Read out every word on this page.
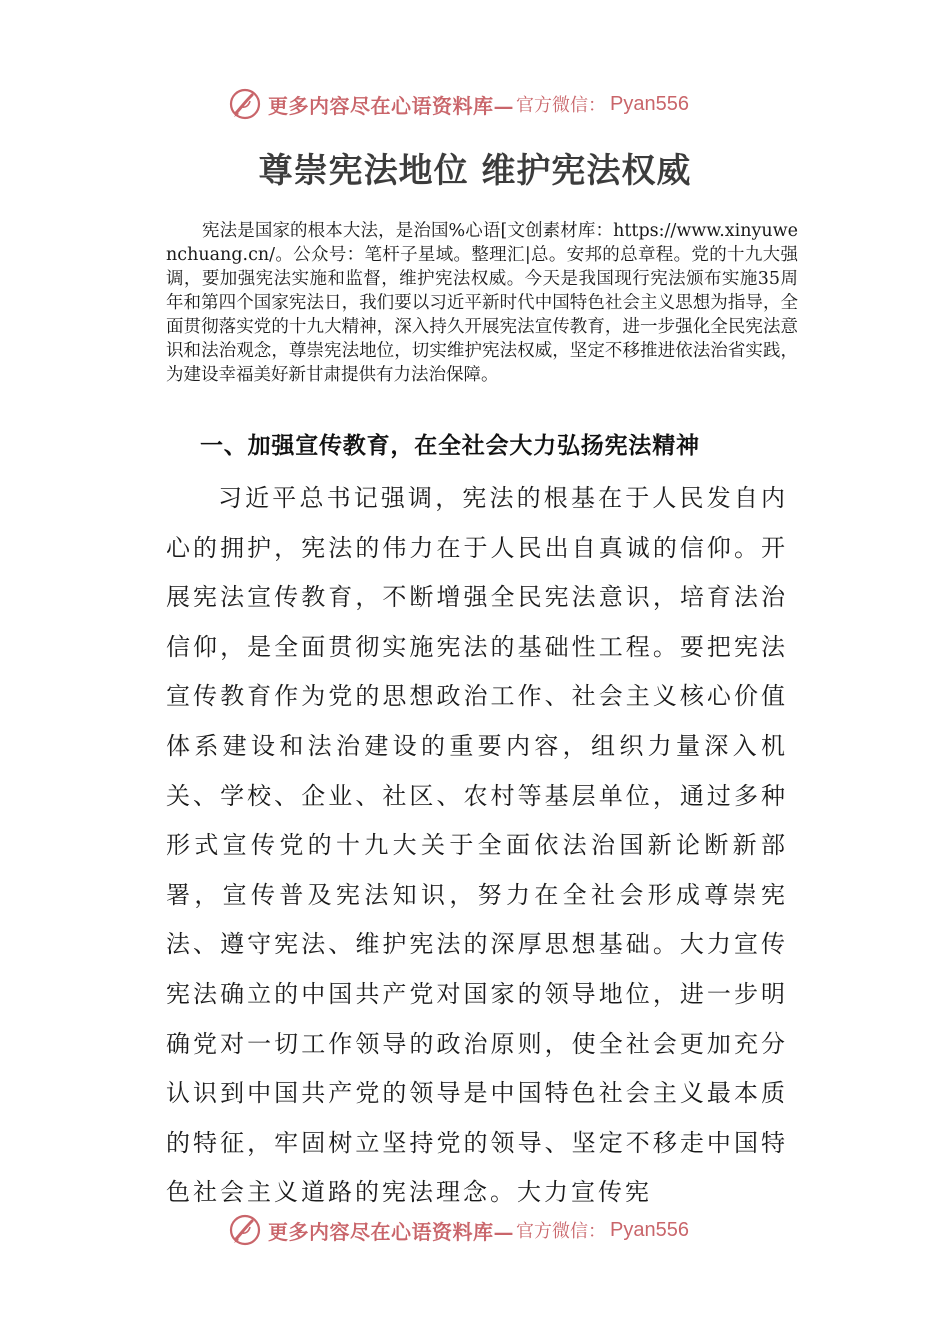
更多内容尽在心语资料库— 官方微信： Pyan556
尊崇宪法地位 维护宪法权威

宪法是国家的根本大法，是治国%心语[文创素材库：https://www.xinyuwenchuang.cn/。公众号：笔杆子星域。整理汇|总。安邦的总章程。党的十九大强调，要加强宪法实施和监督，维护宪法权威。今天是我国现行宪法颁布实施35周年和第四个国家宪法日，我们要以习近平新时代中国特色社会主义思想为指导，全面贯彻落实党的十九大精神，深入持久开展宪法宣传教育，进一步强化全民宪法意识和法治观念，尊崇宪法地位，切实维护宪法权威，坚定不移推进依法治省实践，为建设幸福美好新甘肃提供有力法治保障。

一、加强宣传教育，在全社会大力弘扬宪法精神

习近平总书记强调，宪法的根基在于人民发自内心的拥护，宪法的伟力在于人民出自真诚的信仰。开展宪法宣传教育，不断增强全民宪法意识，培育法治信仰，是全面贯彻实施宪法的基础性工程。要把宪法宣传教育作为党的思想政治工作、社会主义核心价值体系建设和法治建设的重要内容，组织力量深入机关、学校、企业、社区、农村等基层单位，通过多种形式宣传党的十九大关于全面依法治国新论断新部署，宣传普及宪法知识，努力在全社会形成尊崇宪法、遵守宪法、维护宪法的深厚思想基础。大力宣传宪法确立的中国共产党对国家的领导地位，进一步明确党对一切工作领导的政治原则，使全社会更加充分认识到中国共产党的领导是中国特色社会主义最本质的特征，牢固树立坚持党的领导、坚定不移走中国特色社会主义道路的宪法理念。大力宣传宪

更多内容尽在心语资料库— 官方微信： Pyan556
